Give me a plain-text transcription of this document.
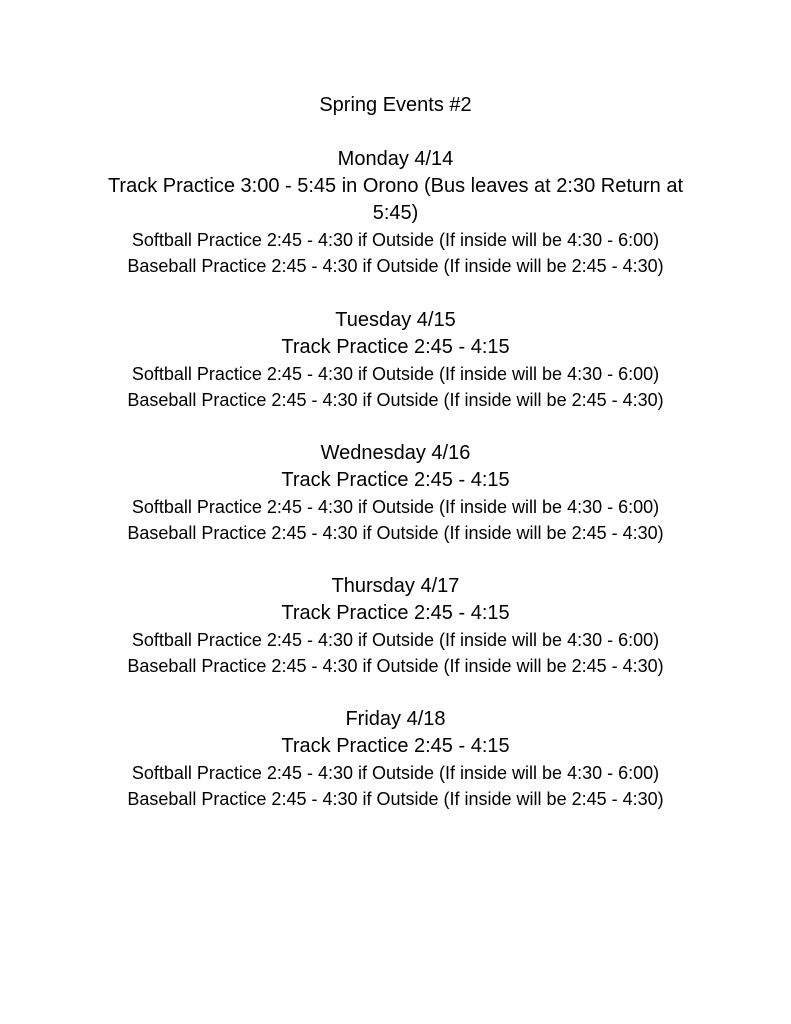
Spring Events #2
Monday 4/14

Track Practice 3:00 - 5:45 in Orono (Bus leaves at 2:30 Return at 5:45)

Softball Practice 2:45 - 4:30 if Outside (If inside will be 4:30 - 6:00)

Baseball Practice 2:45 - 4:30 if Outside (If inside will be 2:45 - 4:30)

Tuesday 4/15

Track Practice 2:45 - 4:15

Softball Practice 2:45 - 4:30 if Outside (If inside will be 4:30 - 6:00)

Baseball Practice 2:45 - 4:30 if Outside (If inside will be 2:45 - 4:30)

Wednesday 4/16

Track Practice 2:45 - 4:15

Softball Practice 2:45 - 4:30 if Outside (If inside will be 4:30 - 6:00)

Baseball Practice 2:45 - 4:30 if Outside (If inside will be 2:45 - 4:30)

Thursday 4/17

Track Practice 2:45 - 4:15

Softball Practice 2:45 - 4:30 if Outside (If inside will be 4:30 - 6:00)

Baseball Practice 2:45 - 4:30 if Outside (If inside will be 2:45 - 4:30)

Friday 4/18

Track Practice 2:45 - 4:15

Softball Practice 2:45 - 4:30 if Outside (If inside will be 4:30 - 6:00)

Baseball Practice 2:45 - 4:30 if Outside (If inside will be 2:45 - 4:30)
